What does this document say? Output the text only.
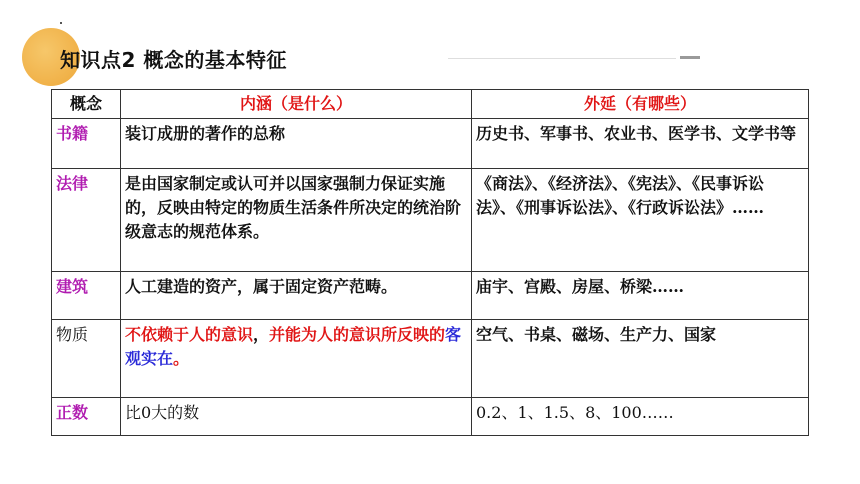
知识点2 概念的基本特征
概念	内涵（是什么）	外延（有哪些）
书籍	装订成册的著作的总称	历史书、军事书、农业书、医学书、文学书等
法律	是由国家制定或认可并以国家强制力保证实施的，反映由特定的物质生活条件所决定的统治阶级意志的规范体系。	《商法》、《经济法》、《宪法》、《民事诉讼法》、《刑事诉讼法》、《行政诉讼法》……
建筑	人工建造的资产，属于固定资产范畴。	庙宇、宫殿、房屋、桥梁……
物质	不依赖于人的意识，并能为人的意识所反映的客观实在。	空气、书桌、磁场、生产力、国家
正数	比0大的数	0.2、1、1.5、8、100……
